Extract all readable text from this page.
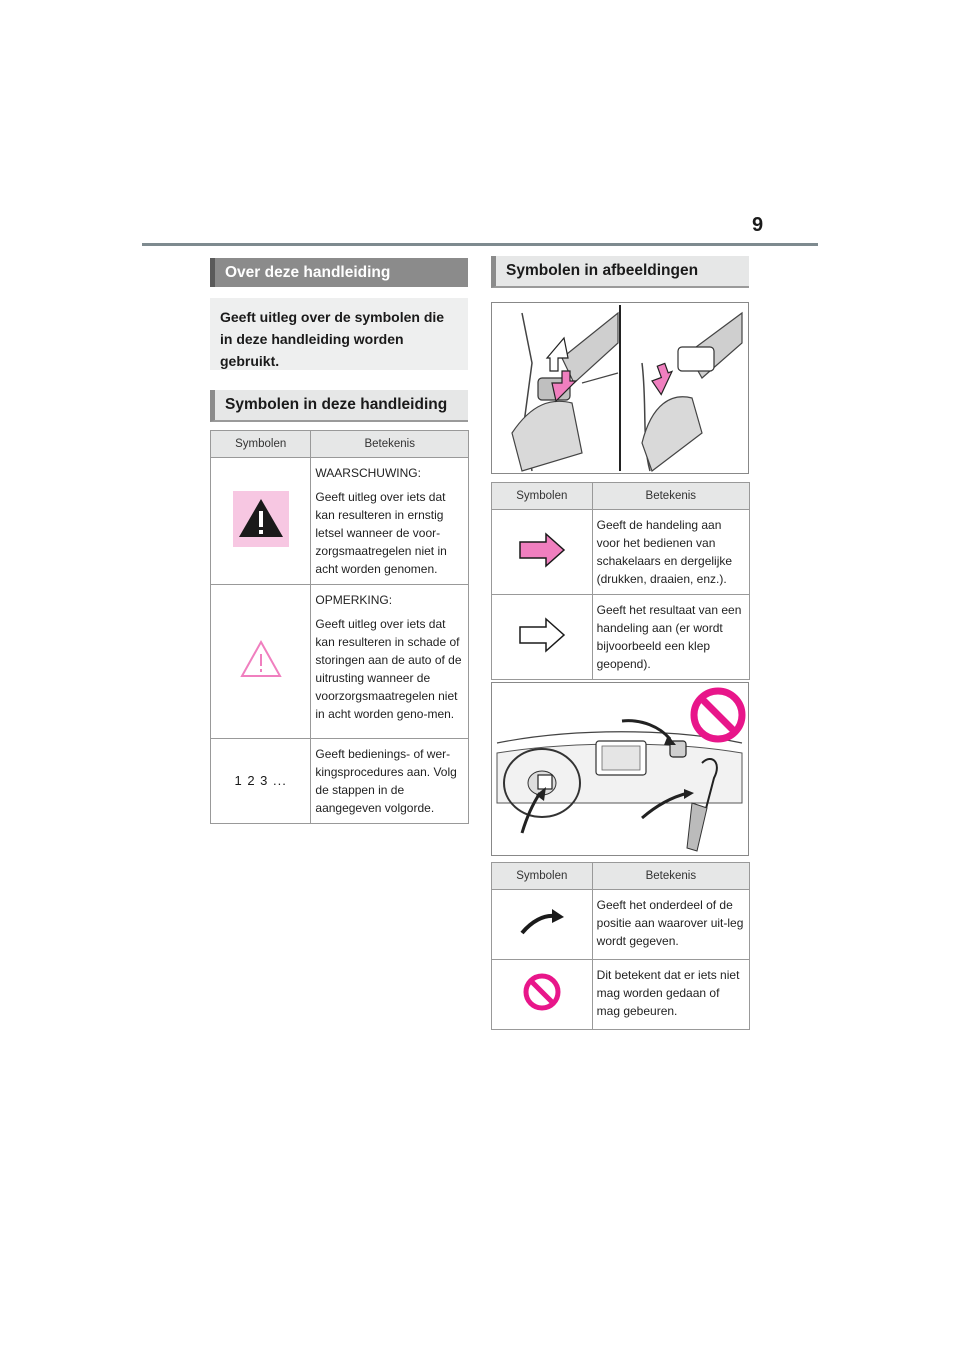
9
Over deze handleiding
Geeft uitleg over de symbolen die in deze handleiding worden gebruikt.
Symbolen in deze handleiding
Symbolen	Betekenis

WAARSCHUWING:
Geeft uitleg over iets dat kan resulteren in ernstig letsel wanneer de voor-zorgsmaatregelen niet in acht worden genomen.

OPMERKING:
Geeft uitleg over iets dat kan resulteren in schade of storingen aan de auto of de uitrusting wanneer de voorzorgsmaatregelen niet in acht worden geno-men.

1 2 3 ...	Geeft bedienings- of wer-kingsprocedures aan. Volg de stappen in de aangegeven volgorde.
Symbolen in afbeeldingen
Symbolen	Betekenis

Geeft de handeling aan voor het bedienen van schakelaars en dergelijke (drukken, draaien, enz.).

Geeft het resultaat van een handeling aan (er wordt bijvoorbeeld een klep geopend).
Symbolen	Betekenis

Geeft het onderdeel of de positie aan waarover uit-leg wordt gegeven.

Dit betekent dat er iets niet mag worden gedaan of mag gebeuren.
